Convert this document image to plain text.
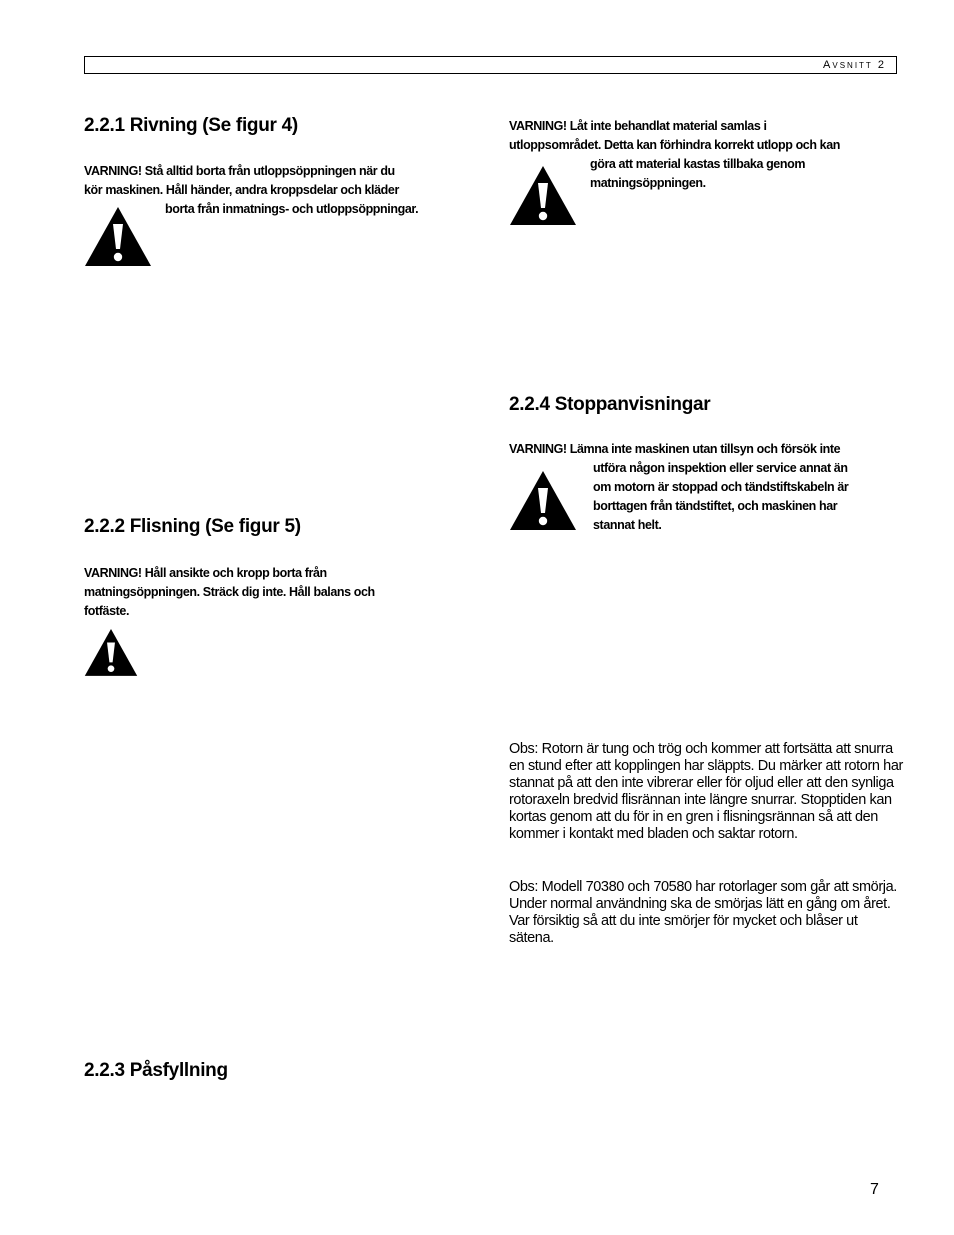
Avsnitt 2
2.2.1 Rivning (Se figur 4)

VARNING! Stå alltid borta från utloppsöppningen när du
kör maskinen. Håll händer, andra kroppsdelar och kläder
borta från inmatnings- och utloppsöppningar.

2.2.2 Flisning (Se figur 5)

VARNING! Håll ansikte och kropp borta från
matningsöppningen. Sträck dig inte. Håll balans och
fotfäste.

2.2.3 Påsfyllning

VARNING! Låt inte behandlat material samlas i
utloppsområdet. Detta kan förhindra korrekt utlopp och kan
göra att material kastas tillbaka genom
matningsöppningen.

2.2.4 Stoppanvisningar

VARNING! Lämna inte maskinen utan tillsyn och försök inte
utföra någon inspektion eller service annat än
om motorn är stoppad och tändstiftskabeln är
borttagen från tändstiftet, och maskinen har
stannat helt.

Obs: Rotorn är tung och trög och kommer att fortsätta att snurra en stund efter att kopplingen har släppts. Du märker att rotorn har stannat på att den inte vibrerar eller för oljud eller att den synliga rotoraxeln bredvid flisrännan inte längre snurrar. Stopptiden kan kortas genom att du för in en gren i flisningsrännan så att den kommer i kontakt med bladen och saktar rotorn.

Obs: Modell 70380 och 70580 har rotorlager som går att smörja. Under normal användning ska de smörjas lätt en gång om året. Var försiktig så att du inte smörjer för mycket och blåser ut sätena.

7
